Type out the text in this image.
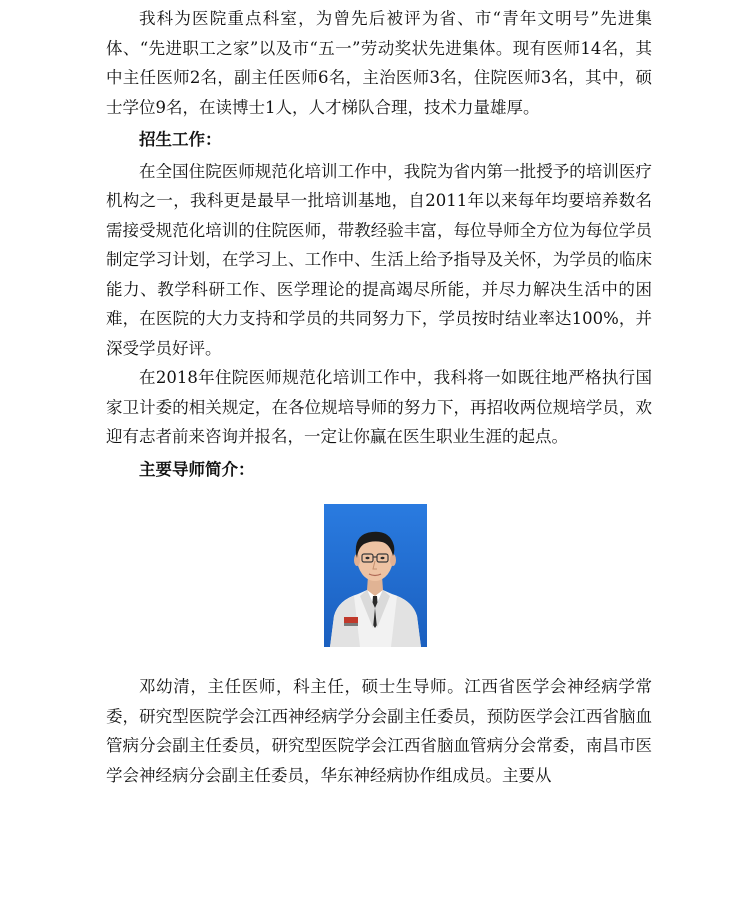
我科为医院重点科室，为曾先后被评为省、市“青年文明号”先进集体、“先进职工之家”以及市“五一”劳动奖状先进集体。现有医师14名，其中主任医师2名，副主任医师6名，主治医师3名，住院医师3名，其中，硕士学位9名，在读博士1人，人才梯队合理，技术力量雄厚。

招生工作：

在全国住院医师规范化培训工作中，我院为省内第一批授予的培训医疗机构之一，我科更是最早一批培训基地，自2011年以来每年均要培养数名需接受规范化培训的住院医师，带教经验丰富，每位导师全方位为每位学员制定学习计划，在学习上、工作中、生活上给予指导及关怀，为学员的临床能力、教学科研工作、医学理论的提高竭尽所能，并尽力解决生活中的困难，在医院的大力支持和学员的共同努力下，学员按时结业率达100%，并深受学员好评。

在2018年住院医师规范化培训工作中，我科将一如既往地严格执行国家卫计委的相关规定，在各位规培导师的努力下，再招收两位规培学员，欢迎有志者前来咨询并报名，一定让你赢在医生职业生涯的起点。

主要导师简介：

邓幼清，主任医师，科主任，硕士生导师。江西省医学会神经病学常委，研究型医院学会江西神经病学分会副主任委员，预防医学会江西省脑血管病分会副主任委员，研究型医院学会江西省脑血管病分会常委，南昌市医学会神经病分会副主任委员，华东神经病协作组成员。主要从
